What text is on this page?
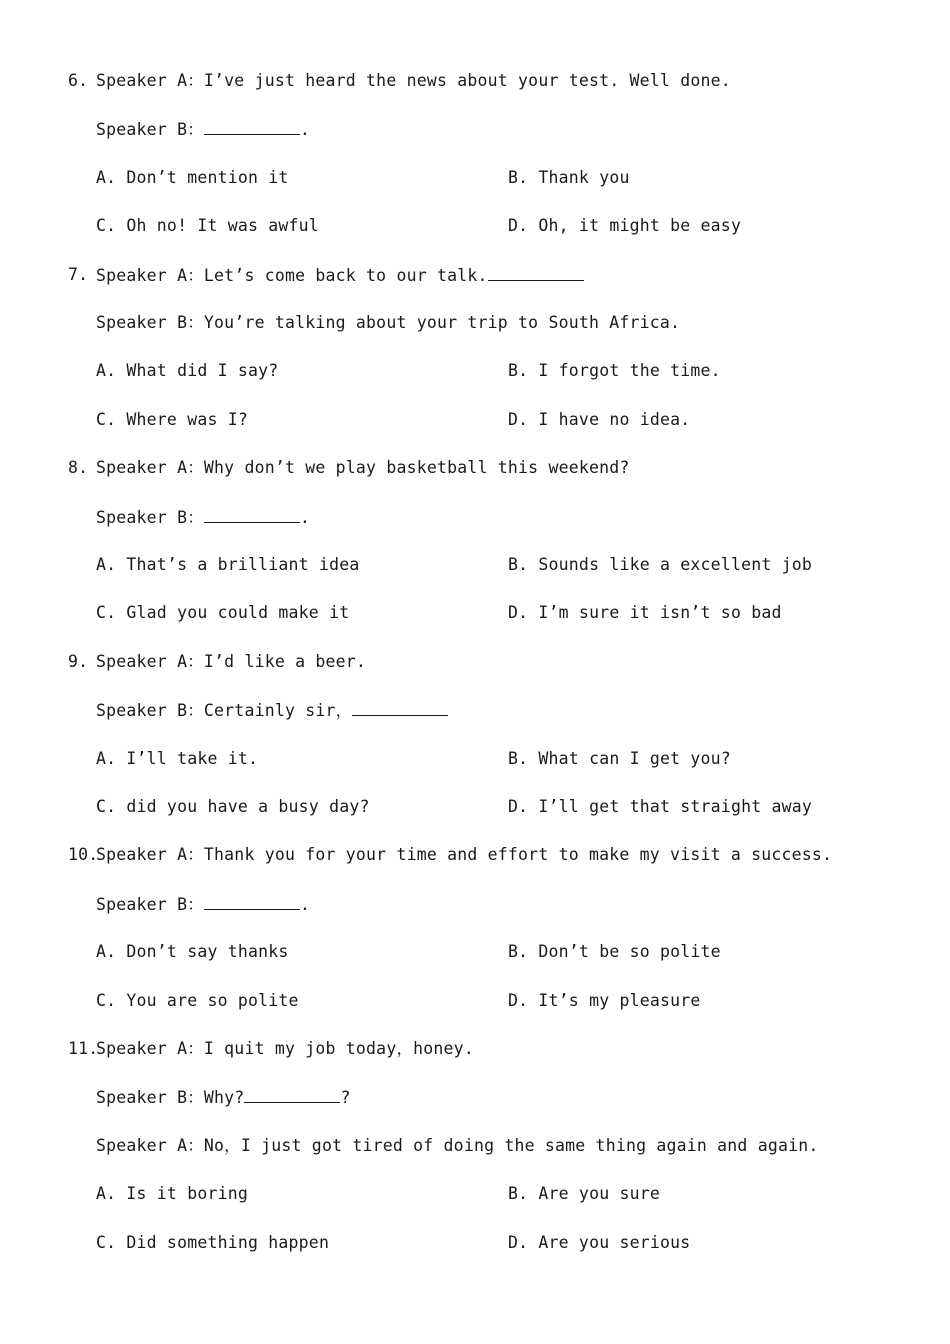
6. Speaker A：I’ve just heard the news about your test. Well done.
Speaker B：	.
A. Don’t mention it	B. Thank you
C. Oh no! It was awful	D. Oh, it might be easy
7. Speaker A：Let’s come back to our talk.
Speaker B：You’re talking about your trip to South Africa.
A. What did I say?	B. I forgot the time.
C. Where was I?	D. I have no idea.
8. Speaker A：Why don’t we play basketball this weekend?
Speaker B：	.
A. That’s a brilliant idea	B. Sounds like a excellent job
C. Glad you could make it	D. I’m sure it isn’t so bad
9. Speaker A：I’d like a beer.
Speaker B：Certainly sir，
A. I’ll take it.	B. What can I get you?
C. did you have a busy day?	D. I’ll get that straight away
10.
Speaker A：Thank you for your time and effort to make my visit a success.
Speaker B：	.
A. Don’t say thanks	B. Don’t be so polite
C. You are so polite	D. It’s my pleasure
11.
Speaker A：I quit my job today，honey.
Speaker B：Why?	?
Speaker A：No，I just got tired of doing the same thing again and again.
A. Is it boring	B. Are you sure
C. Did something happen	D. Are you serious
